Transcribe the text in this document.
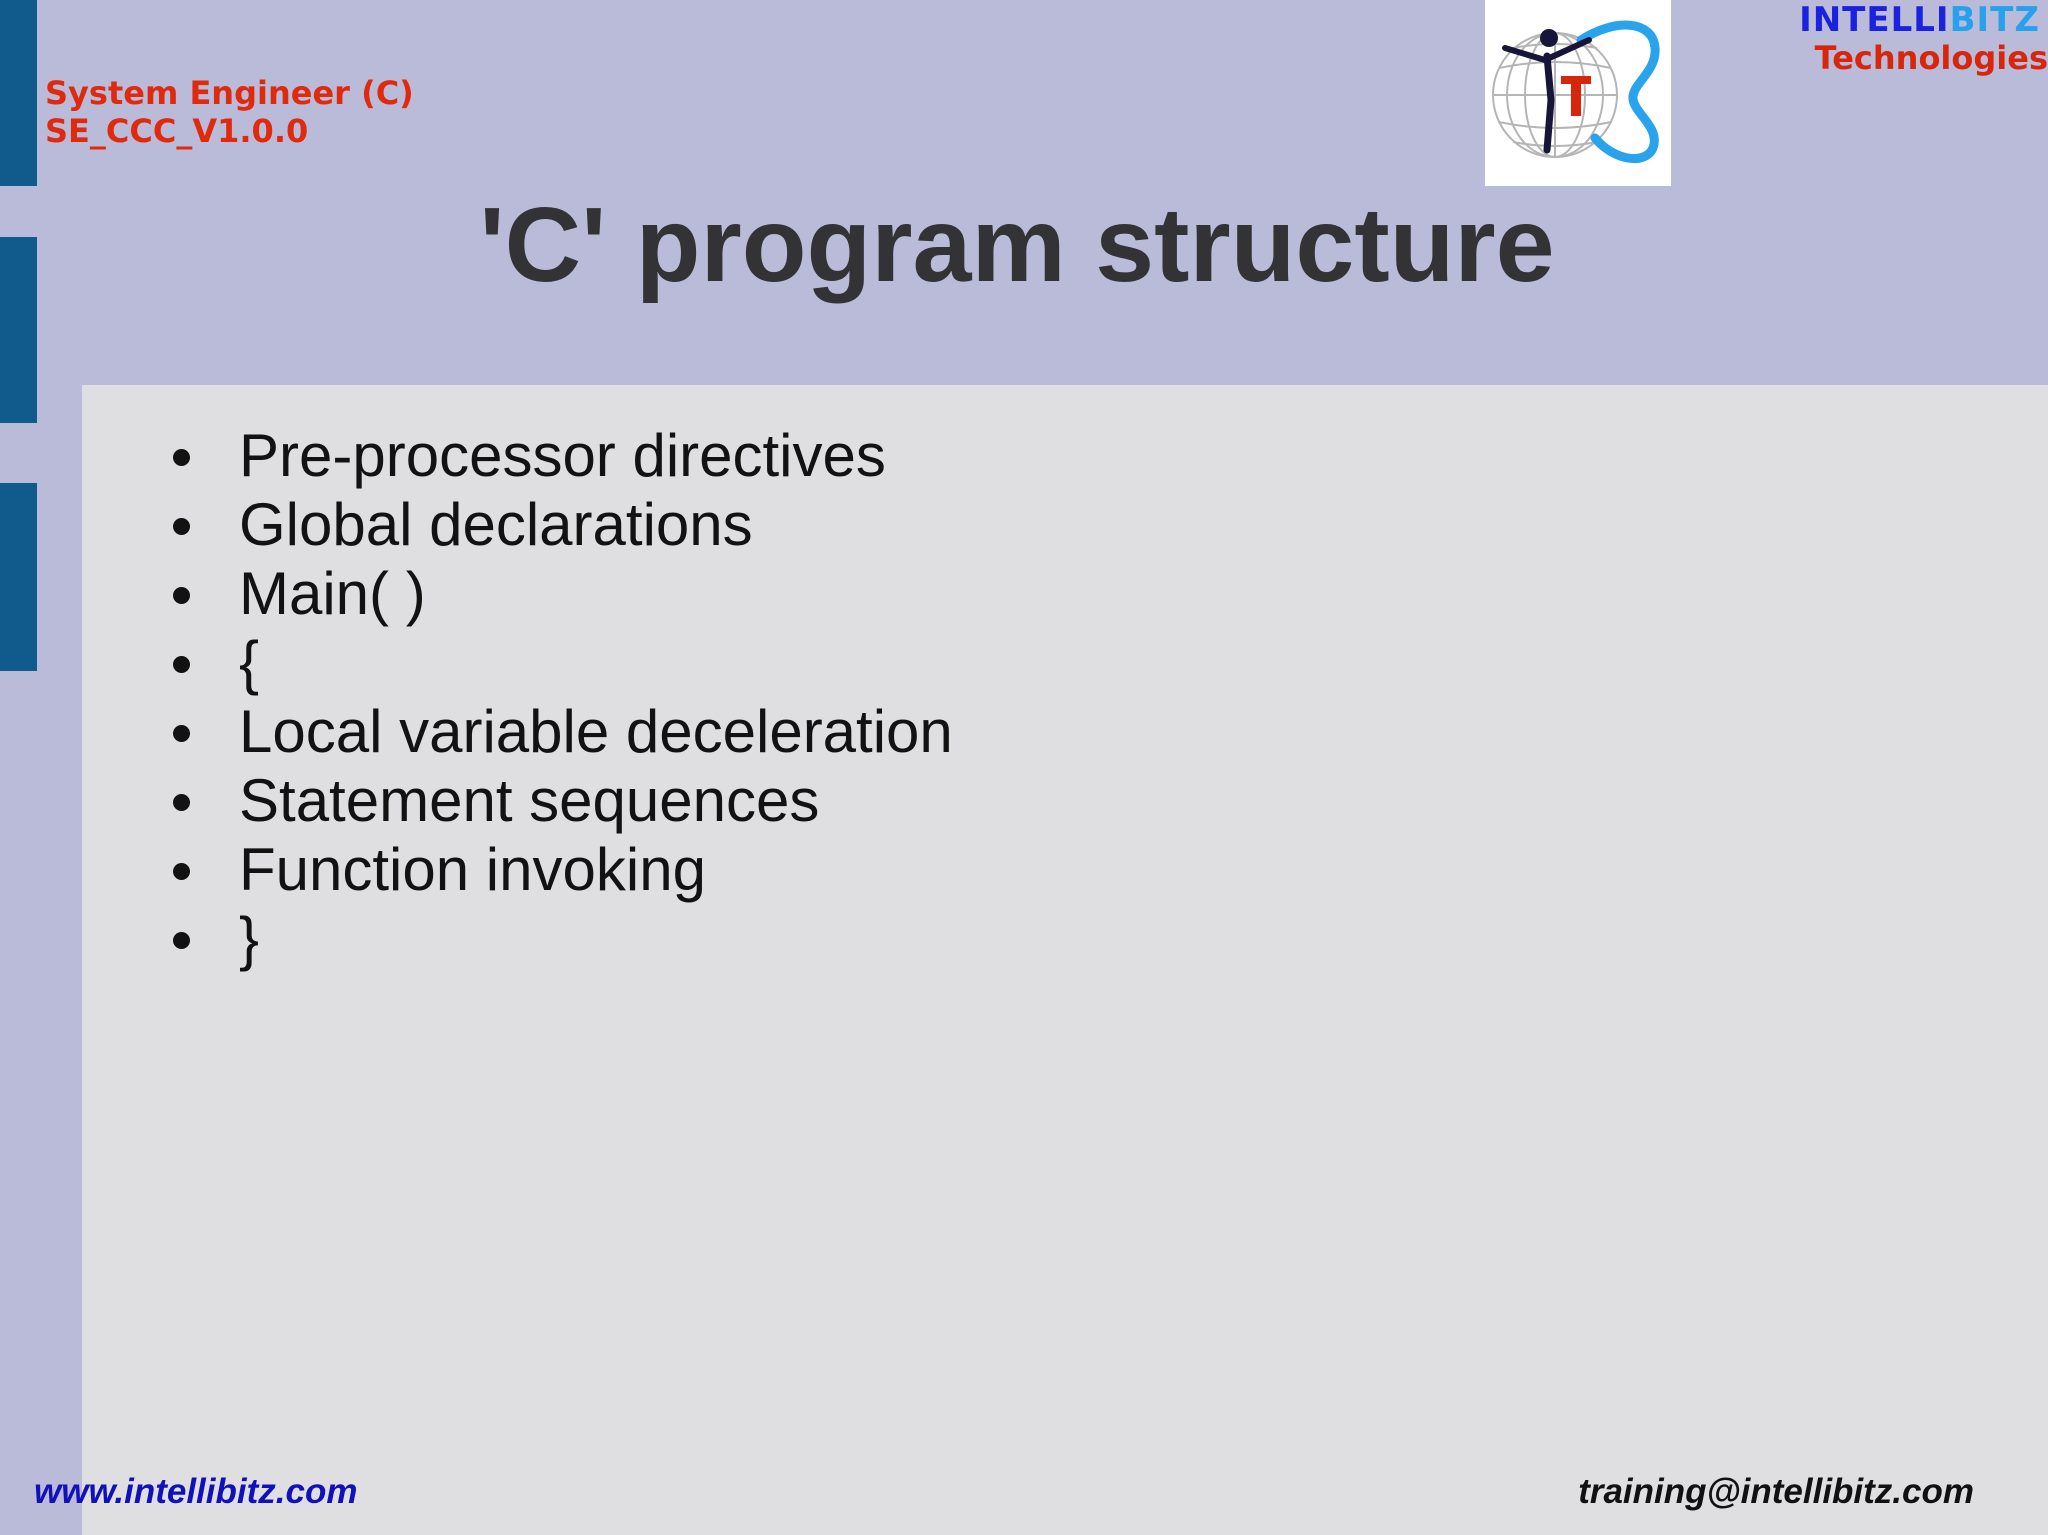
System Engineer (C)
SE_CCC_V1.0.0
T	INTELLIBITZ
Technologies
'C' program structure
Pre-processor directives
Global declarations
Main( )
{
Local variable deceleration
Statement sequences
Function invoking
}
www.intellibitz.com	training@intellibitz.com
